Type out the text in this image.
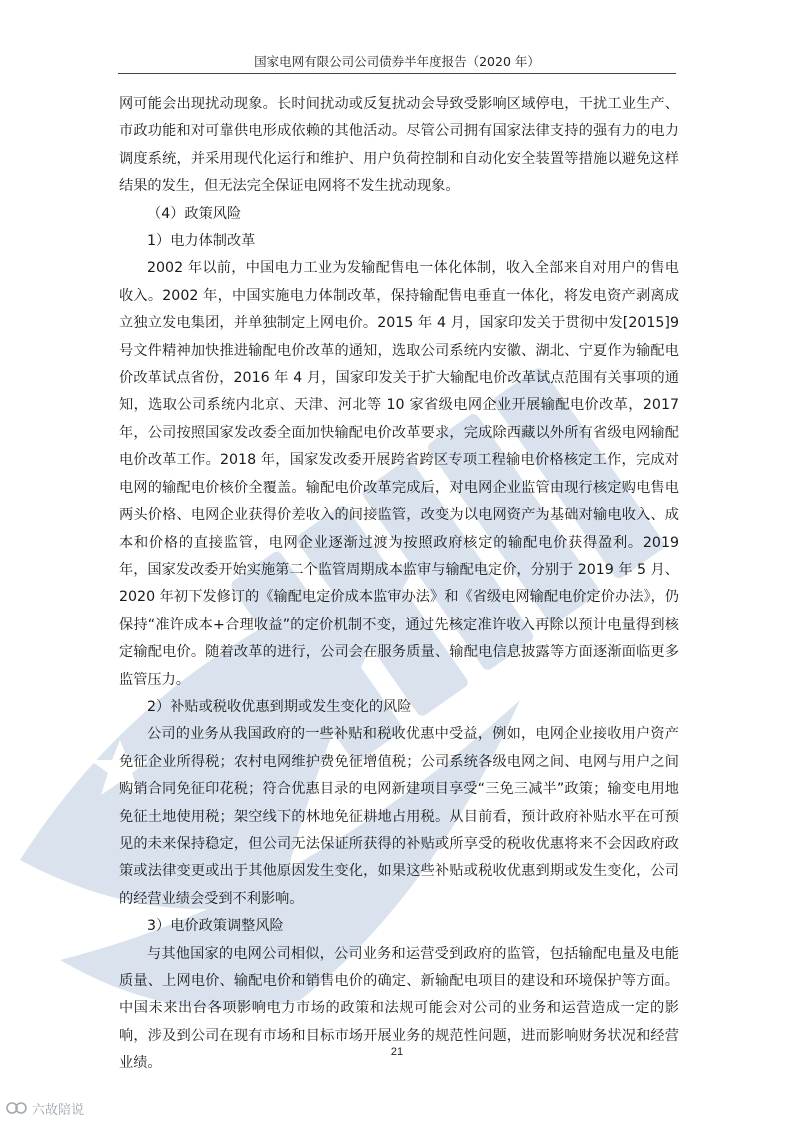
国家电网有限公司公司债券半年度报告（2020 年）

网可能会出现扰动现象。长时间扰动或反复扰动会导致受影响区域停电，干扰工业生产、市政功能和对可靠供电形成依赖的其他活动。尽管公司拥有国家法律支持的强有力的电力调度系统，并采用现代化运行和维护、用户负荷控制和自动化安全装置等措施以避免这样结果的发生，但无法完全保证电网将不发生扰动现象。

（4）政策风险

1）电力体制改革

2002 年以前，中国电力工业为发输配售电一体化体制，收入全部来自对用户的售电收入。2002 年，中国实施电力体制改革，保持输配售电垂直一体化，将发电资产剥离成立独立发电集团，并单独制定上网电价。2015 年 4 月，国家印发关于贯彻中发[2015]9 号文件精神加快推进输配电价改革的通知，选取公司系统内安徽、湖北、宁夏作为输配电价改革试点省份，2016 年 4 月，国家印发关于扩大输配电价改革试点范围有关事项的通知，选取公司系统内北京、天津、河北等 10 家省级电网企业开展输配电价改革，2017 年，公司按照国家发改委全面加快输配电价改革要求，完成除西藏以外所有省级电网输配电价改革工作。2018 年，国家发改委开展跨省跨区专项工程输电价格核定工作，完成对电网的输配电价核价全覆盖。输配电价改革完成后，对电网企业监管由现行核定购电售电两头价格、电网企业获得价差收入的间接监管，改变为以电网资产为基础对输电收入、成本和价格的直接监管，电网企业逐渐过渡为按照政府核定的输配电价获得盈利。2019 年，国家发改委开始实施第二个监管周期成本监审与输配电定价，分别于 2019 年 5 月、2020 年初下发修订的《输配电定价成本监审办法》和《省级电网输配电价定价办法》，仍保持“准许成本+合理收益”的定价机制不变，通过先核定准许收入再除以预计电量得到核定输配电价。随着改革的进行，公司会在服务质量、输配电信息披露等方面逐渐面临更多监管压力。

2）补贴或税收优惠到期或发生变化的风险

公司的业务从我国政府的一些补贴和税收优惠中受益，例如，电网企业接收用户资产免征企业所得税；农村电网维护费免征增值税；公司系统各级电网之间、电网与用户之间购销合同免征印花税；符合优惠目录的电网新建项目享受“三免三减半”政策；输变电用地免征土地使用税；架空线下的林地免征耕地占用税。从目前看，预计政府补贴水平在可预见的未来保持稳定，但公司无法保证所获得的补贴或所享受的税收优惠将来不会因政府政策或法律变更或出于其他原因发生变化，如果这些补贴或税收优惠到期或发生变化，公司的经营业绩会受到不利影响。

3）电价政策调整风险

与其他国家的电网公司相似，公司业务和运营受到政府的监管，包括输配电量及电能质量、上网电价、输配电价和销售电价的确定、新输配电项目的建设和环境保护等方面。中国未来出台各项影响电力市场的政策和法规可能会对公司的业务和运营造成一定的影响，涉及到公司在现有市场和目标市场开展业务的规范性问题，进而影响财务状况和经营业绩。

21
六故陪说
